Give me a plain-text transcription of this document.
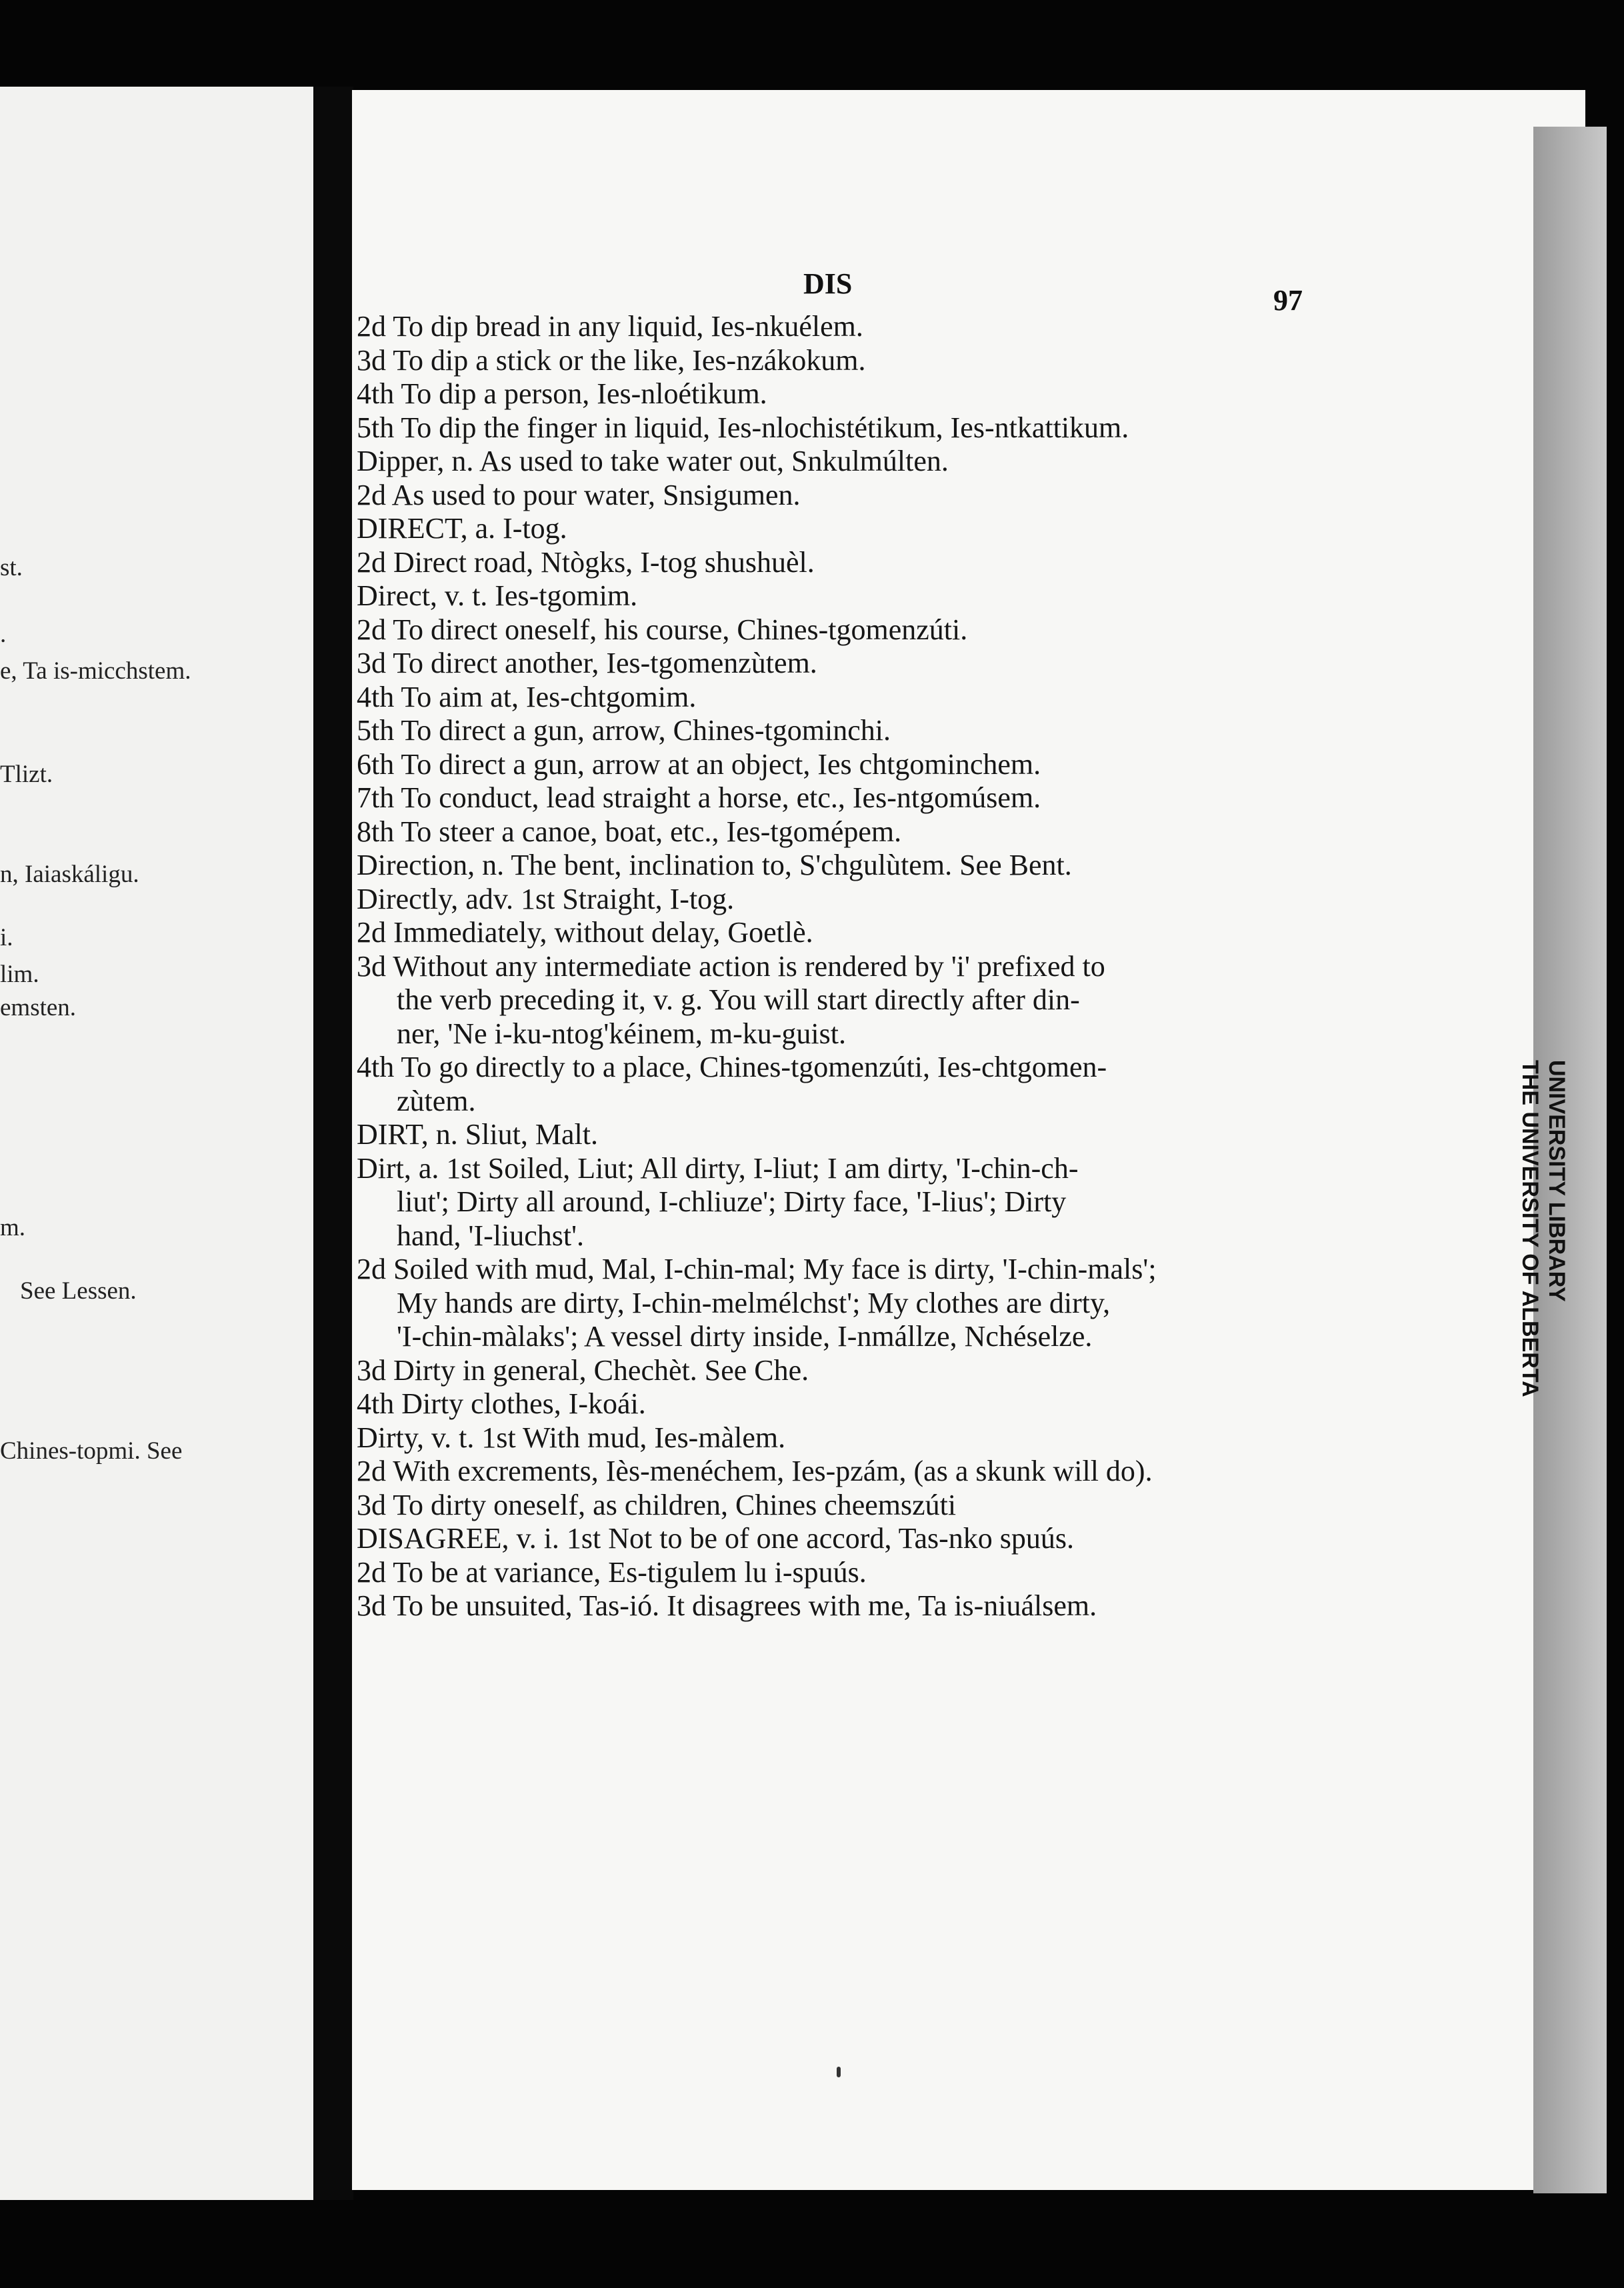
st.
.
e, Ta is-micchstem.
Tlizt.
n, Iaiaskáligu.
i.
lim.
emsten.
m.
See Lessen.
Chines-topmi. See
UNIVERSITY LIBRARY
THE UNIVERSITY OF ALBERTA
DIS
97
2d To dip bread in any liquid, Ies-nkuélem.
3d To dip a stick or the like, Ies-nzákokum.
4th To dip a person, Ies-nloétikum.
5th To dip the finger in liquid, Ies-nlochistétikum, Ies-ntkattikum.
Dipper, n. As used to take water out, Snkulmúlten.
2d As used to pour water, Snsigumen.
DIRECT, a. I-tog.
2d Direct road, Ntògks, I-tog shushuèl.
Direct, v. t. Ies-tgomim.
2d To direct oneself, his course, Chines-tgomenzúti.
3d To direct another, Ies-tgomenzùtem.
4th To aim at, Ies-chtgomim.
5th To direct a gun, arrow, Chines-tgominchi.
6th To direct a gun, arrow at an object, Ies chtgominchem.
7th To conduct, lead straight a horse, etc., Ies-ntgomúsem.
8th To steer a canoe, boat, etc., Ies-tgomépem.
Direction, n. The bent, inclination to, S'chgulùtem. See Bent.
Directly, adv. 1st Straight, I-tog.
2d Immediately, without delay, Goetlè.
3d Without any intermediate action is rendered by 'i' prefixed to
the verb preceding it, v. g. You will start directly after din-
ner, 'Ne i-ku-ntog'kéinem, m-ku-guist.
4th To go directly to a place, Chines-tgomenzúti, Ies-chtgomen-
zùtem.
DIRT, n. Sliut, Malt.
Dirt, a. 1st Soiled, Liut; All dirty, I-liut; I am dirty, 'I-chin-ch-
liut'; Dirty all around, I-chliuze'; Dirty face, 'I-lius'; Dirty
hand, 'I-liuchst'.
2d Soiled with mud, Mal, I-chin-mal; My face is dirty, 'I-chin-mals';
My hands are dirty, I-chin-melmélchst'; My clothes are dirty,
'I-chin-màlaks'; A vessel dirty inside, I-nmállze, Nchéselze.
3d Dirty in general, Chechèt. See Che.
4th Dirty clothes, I-koái.
Dirty, v. t. 1st With mud, Ies-màlem.
2d With excrements, Iès-menéchem, Ies-pzám, (as a skunk will do).
3d To dirty oneself, as children, Chines cheemszúti
DISAGREE, v. i. 1st Not to be of one accord, Tas-nko spuús.
2d To be at variance, Es-tigulem lu i-spuús.
3d To be unsuited, Tas-ió. It disagrees with me, Ta is-niuálsem.
